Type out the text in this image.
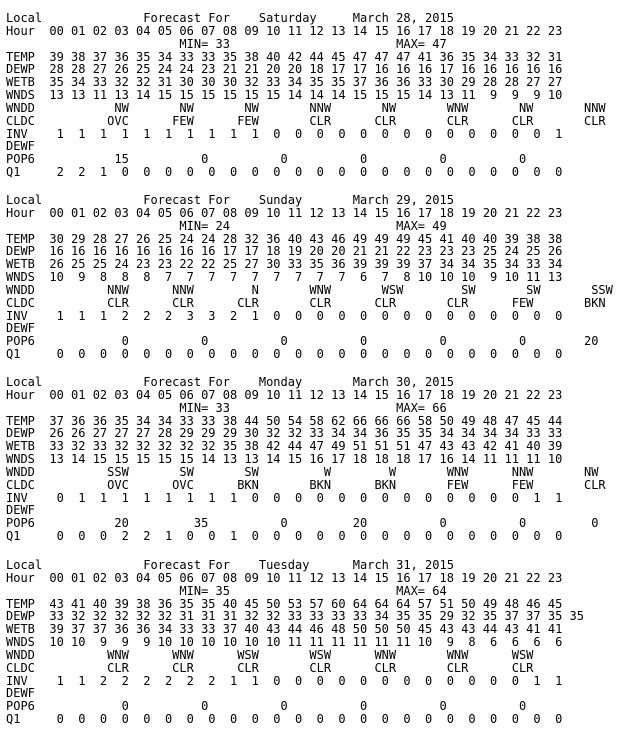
Local              Forecast For    Saturday     March 28, 2015
Hour  00 01 02 03 04 05 06 07 08 09 10 11 12 13 14 15 16 17 18 19 20 21 22 23
MIN= 33                       MAX= 47
TEMP  39 38 37 36 35 34 33 33 35 38 40 42 44 45 47 47 47 41 36 35 34 33 32 31
DEWP  28 28 27 26 25 24 24 23 21 21 20 20 18 17 17 16 16 16 17 16 16 16 16 16
WETB  35 34 33 32 32 31 30 30 30 32 33 34 35 35 37 36 36 33 30 29 28 28 27 27
WNDS  13 13 11 13 14 15 15 15 15 15 15 14 14 14 15 15 15 14 13 11  9  9  9 10
WNDD           NW       NW       NW       NNW       NW       WNW       NW       NNW
CLDC          OVC      FEW      FEW       CLR      CLR       CLR      CLR       CLR
INV    1  1  1  1  1  1  1  1  1  1  0  0  0  0  0  0  0  0  0  0  0  0  0  1
DEWF
POP6           15          0          0          0          0          0
Q1     2  2  1  0  0  0  0  0  0  0  0  0  0  0  0  0  0  0  0  0  0  0  0  0
Local              Forecast For    Sunday       March 29, 2015
Hour  00 01 02 03 04 05 06 07 08 09 10 11 12 13 14 15 16 17 18 19 20 21 22 23
MIN= 24                       MAX= 49
TEMP  30 29 28 27 26 25 24 24 28 32 36 40 43 46 49 49 49 45 41 40 40 39 38 38
DEWP  16 16 16 16 16 16 16 16 17 17 18 19 20 20 21 21 22 23 23 23 25 24 25 26
WETB  26 25 25 24 23 23 22 22 25 27 30 33 35 36 39 39 39 37 34 34 35 34 33 34
WNDS  10  9  8  8  8  7  7  7  7  7  7  7  7  7  6  7  8 10 10 10  9 10 11 13
WNDD          NNW      NNW        N       WNW       WSW        SW       SW       SSW
CLDC          CLR      CLR      CLR       CLR      CLR       CLR      FEW       BKN
INV    1  1  1  2  2  2  3  3  2  1  0  0  0  0  0  0  0  0  0  0  0  0  0  0
DEWF
POP6            0          0          0          0          0          0        20
Q1     0  0  0  0  0  0  0  0  0  0  0  0  0  0  0  0  0  0  0  0  0  0  0  0
Local              Forecast For    Monday       March 30, 2015
Hour  00 01 02 03 04 05 06 07 08 09 10 11 12 13 14 15 16 17 18 19 20 21 22 23
MIN= 33                       MAX= 66
TEMP  37 36 36 35 34 34 33 33 38 44 50 54 58 62 66 66 66 58 50 49 48 47 45 44
DEWP  26 26 27 27 27 28 29 29 29 30 32 32 33 34 34 36 35 35 34 34 34 34 33 33
WETB  33 32 33 32 32 32 32 32 35 38 42 44 47 49 51 51 51 47 43 43 42 41 40 39
WNDS  13 14 15 15 15 15 15 14 13 13 14 15 16 17 18 18 18 17 16 14 11 11 11 10
WNDD          SSW       SW       SW         W        W       WNW      NNW       NW
CLDC          OVC      OVC      BKN       BKN      BKN       FEW      FEW       CLR
INV    0  1  1  1  1  1  1  1  1  0  0  0  0  0  0  0  0  0  0  0  0  0  1  1
DEWF
POP6           20         35          0         20          0          0         0
Q1     0  0  0  2  2  1  0  0  1  0  0  0  0  0  0  0  0  0  0  0  0  0  0  0
Local              Forecast For    Tuesday      March 31, 2015
Hour  00 01 02 03 04 05 06 07 08 09 10 11 12 13 14 15 16 17 18 19 20 21 22 23
MIN= 35                       MAX= 64
TEMP  43 41 40 39 38 36 35 35 40 45 50 53 57 60 64 64 64 57 51 50 49 48 46 45
DEWP  33 32 32 32 32 32 31 31 31 32 32 33 33 33 33 34 35 35 29 32 35 37 37 35 35
WETB  39 37 37 36 36 34 33 33 37 40 43 44 46 48 50 50 50 45 43 43 44 43 41 41
WNDS  10 10  9  9  9 10 10 10 10 10 10 11 11 11 11 11 11 10  9  8  6  6  6  6
WNDD          WNW      WNW      WSW       WSW      WNW       WNW      WSW
CLDC          CLR      CLR      CLR       CLR      CLR       CLR      CLR
INV    1  1  2  2  2  2  2  2  1  1  0  0  0  0  0  0  0  0  0  0  0  0  1  1
DEWF
POP6            0          0          0          0          0          0
Q1     0  0  0  0  0  0  0  0  0  0  0  0  0  0  0  0  0  0  0  0  0  0  0  0
